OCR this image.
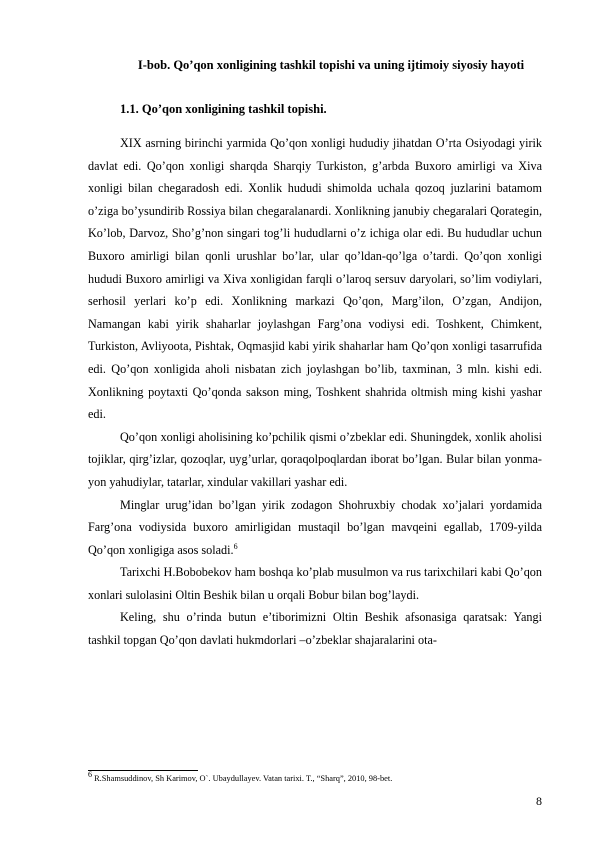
I-bob. Qo’qon xonligining tashkil topishi va uning ijtimoiy siyosiy hayoti
1.1. Qo’qon xonligining tashkil topishi.

XIX asrning birinchi yarmida Qo’qon xonligi hududiy jihatdan O’rta Osiyodagi yirik davlat edi. Qo’qon xonligi sharqda Sharqiy Turkiston, g’arbda Buxoro amirligi va Xiva xonligi bilan chegaradosh edi. Xonlik hududi shimolda uchala qozoq juzlarini batamom o’ziga bo’ysundirib Rossiya bilan chegaralanardi. Xonlikning janubiy chegaralari Qorategin, Ko’lob, Darvoz, Sho’g’non singari tog’li hududlarni o’z ichiga olar edi. Bu hududlar uchun Buxoro amirligi bilan qonli urushlar bo’lar, ular qo’ldan-qo’lga o’tardi. Qo’qon xonligi hududi Buxoro amirligi va Xiva xonligidan farqli o’laroq sersuv daryolari, so’lim vodiylari, serhosil yerlari ko’p edi. Xonlikning markazi Qo’qon, Marg’ilon, O’zgan, Andijon, Namangan kabi yirik shaharlar joylashgan Farg’ona vodiysi edi. Toshkent, Chimkent, Turkiston, Avliyoota, Pishtak, Oqmasjid kabi yirik shaharlar ham Qo’qon xonligi tasarrufida edi. Qo’qon xonligida aholi nisbatan zich joylashgan bo’lib, taxminan, 3 mln. kishi edi. Xonlikning poytaxti Qo’qonda sakson ming, Toshkent shahrida oltmish ming kishi yashar edi.

Qo’qon xonligi aholisining ko’pchilik qismi o’zbeklar edi. Shuningdek, xonlik aholisi tojiklar, qirg’izlar, qozoqlar, uyg’urlar, qoraqolpoqlardan iborat bo’lgan. Bular bilan yonma-yon yahudiylar, tatarlar, xindular vakillari yashar edi.

Minglar urug’idan bo’lgan yirik zodagon Shohruxbiy chodak xo’jalari yordamida Farg’ona vodiysida buxoro amirligidan mustaqil bo’lgan mavqeini egallab, 1709-yilda Qo’qon xonligiga asos soladi.$^6$

Tarixchi H.Bobobekov ham boshqa ko’plab musulmon va rus tarixchilari kabi Qo’qon xonlari sulolasini Oltin Beshik bilan u orqali Bobur bilan bog’laydi.

Keling, shu o’rinda butun e’tiborimizni Oltin Beshik afsonasiga qaratsak: Yangi tashkil topgan Qo’qon davlati hukmdorlari –o’zbeklar shajaralarini ota-

6 R.Shamsuddinov, Sh Karimov, O`. Ubaydullayev. Vatan tarixi. T., “Sharq”, 2010, 98-bet.
8
